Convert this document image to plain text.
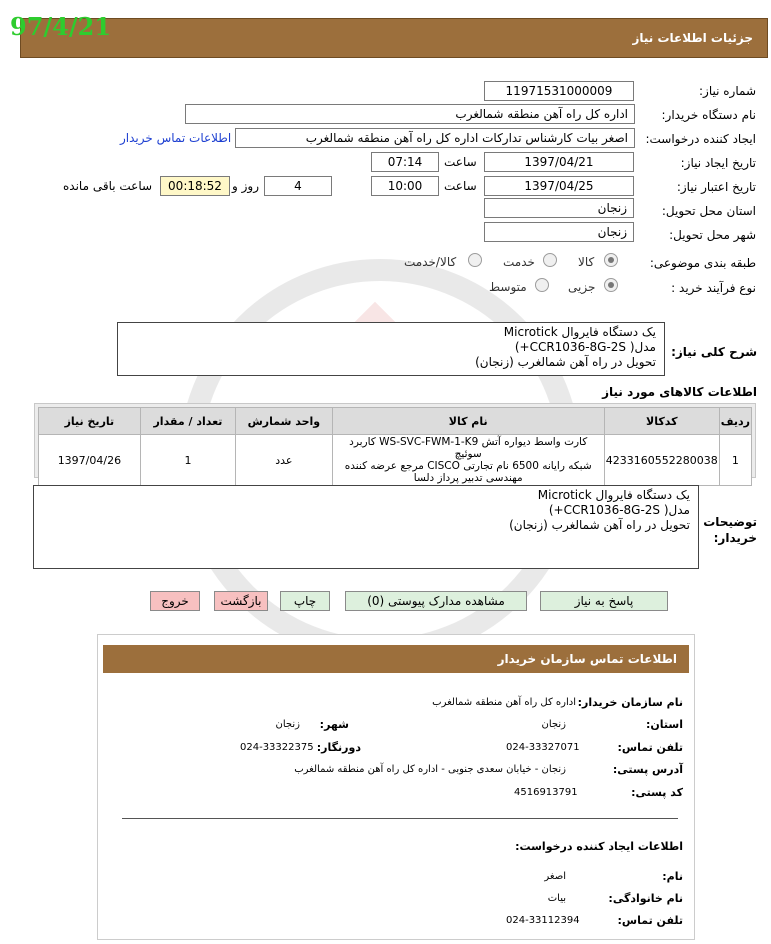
جزئیات اطلاعات نیاز
97/4/21
شماره نیاز:
11971531000009
نام دستگاه خریدار:
اداره کل راه آهن منطقه شمالغرب
ایجاد کننده درخواست:
اصغر بیات کارشناس تدارکات اداره کل راه آهن منطقه شمالغرب
اطلاعات تماس خریدار
تاریخ ایجاد نیاز:
1397/04/21
ساعت
07:14
تاریخ اعتبار نیاز:
1397/04/25
ساعت
10:00
4
روز و
00:18:52
ساعت باقی مانده
استان محل تحویل:
زنجان
شهر محل تحویل:
زنجان
طبقه بندی موضوعی:
کالا
خدمت
کالا/خدمت
نوع فرآیند خرید :
جزیی
متوسط
شرح کلی نیاز:
یک دستگاه فایروال Microtick
مدل( CCR1036-8G-2S+)
تحویل در راه آهن شمالغرب (زنجان)
اطلاعات کالاهای مورد نیاز
ردیف	کدکالا	نام کالا	واحد شمارش	تعداد / مقدار	تاریخ نیاز
1	4233160552280038	کارت واسط دیواره آتش WS-SVC-FWM-1-K9 کاربرد سوئیچ
شبکه رایانه 6500 نام تجارتی CISCO مرجع عرضه کننده
مهندسی تدبیر پرداز دلسا	عدد	1	1397/04/26
توضیحات
خریدار:
یک دستگاه فایروال Microtick
مدل( CCR1036-8G-2S+)
تحویل در راه آهن شمالغرب (زنجان)
پاسخ به نیاز
مشاهده مدارک پیوستی (0)
چاپ
بازگشت
خروج
اطلاعات تماس سازمان خریدار
نام سازمان خریدار:
اداره کل راه آهن منطقه شمالغرب
استان:
زنجان
شهر:
زنجان
تلفن تماس:
024-33327071
دورنگار:
024-33322375
آدرس پستی:
زنجان - خیابان سعدی جنوبی - اداره کل راه آهن منطقه شمالغرب
کد پستی:
4516913791
اطلاعات ایجاد کننده درخواست:
نام:
اصغر
نام خانوادگی:
بیات
تلفن تماس:
024-33112394
